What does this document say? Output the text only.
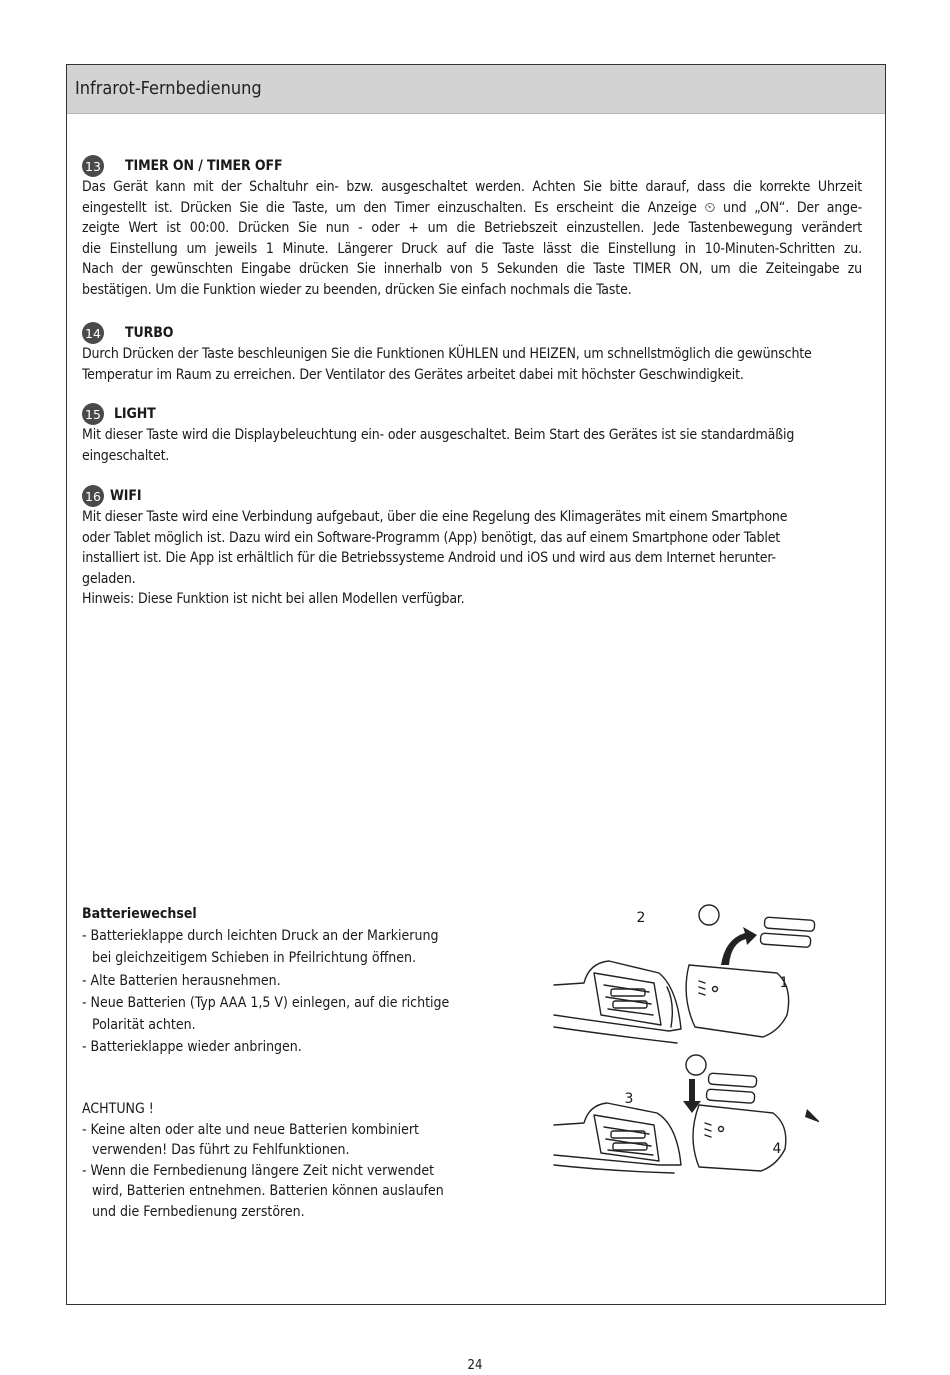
Infrarot-Fernbedienung
13 TIMER ON / TIMER OFF

Das Gerät kann mit der Schaltuhr ein- bzw. ausgeschaltet werden. Achten Sie bitte darauf, dass die korrekte Uhrzeit
eingestellt ist. Drücken Sie die Taste, um den Timer einzuschalten. Es erscheint die Anzeige ⏲ und „ON“. Der ange-
zeigte Wert ist 00:00. Drücken Sie nun - oder + um die Betriebszeit einzustellen. Jede Tastenbewegung verändert
die Einstellung um jeweils 1 Minute. Längerer Druck auf die Taste lässt die Einstellung in 10-Minuten-Schritten zu.
Nach der gewünschten Eingabe drücken Sie innerhalb von 5 Sekunden die Taste TIMER ON, um die Zeiteingabe zu
bestätigen. Um die Funktion wieder zu beenden, drücken Sie einfach nochmals die Taste.

14 TURBO

Durch Drücken der Taste beschleunigen Sie die Funktionen KÜHLEN und HEIZEN, um schnellstmöglich die gewünschte
Temperatur im Raum zu erreichen. Der Ventilator des Gerätes arbeitet dabei mit höchster Geschwindigkeit.

15 LIGHT

Mit dieser Taste wird die Displaybeleuchtung ein- oder ausgeschaltet. Beim Start des Gerätes ist sie standardmäßig
eingeschaltet.

16 WIFI

Mit dieser Taste wird eine Verbindung aufgebaut, über die eine Regelung des Klimagerätes mit einem Smartphone
oder Tablet möglich ist. Dazu wird ein Software-Programm (App) benötigt, das auf einem Smartphone oder Tablet
installiert ist. Die App ist erhältlich für die Betriebssysteme Android und iOS und wird aus dem Internet herunter-
geladen.
Hinweis: Diese Funktion ist nicht bei allen Modellen verfügbar.

Batteriewechsel
- Batterieklappe durch leichten Druck an der Markierung
bei gleichzeitigem Schieben in Pfeilrichtung öffnen.
- Alte Batterien herausnehmen.
- Neue Batterien (Typ AAA 1,5 V) einlegen, auf die richtige
Polarität achten.
- Batterieklappe wieder anbringen.
ACHTUNG !
- Keine alten oder alte und neue Batterien kombiniert
verwenden! Das führt zu Fehlfunktionen.
- Wenn die Fernbedienung längere Zeit nicht verwendet
wird, Batterien entnehmen. Batterien können auslaufen
und die Fernbedienung zerstören.
2
1
3
4
24
